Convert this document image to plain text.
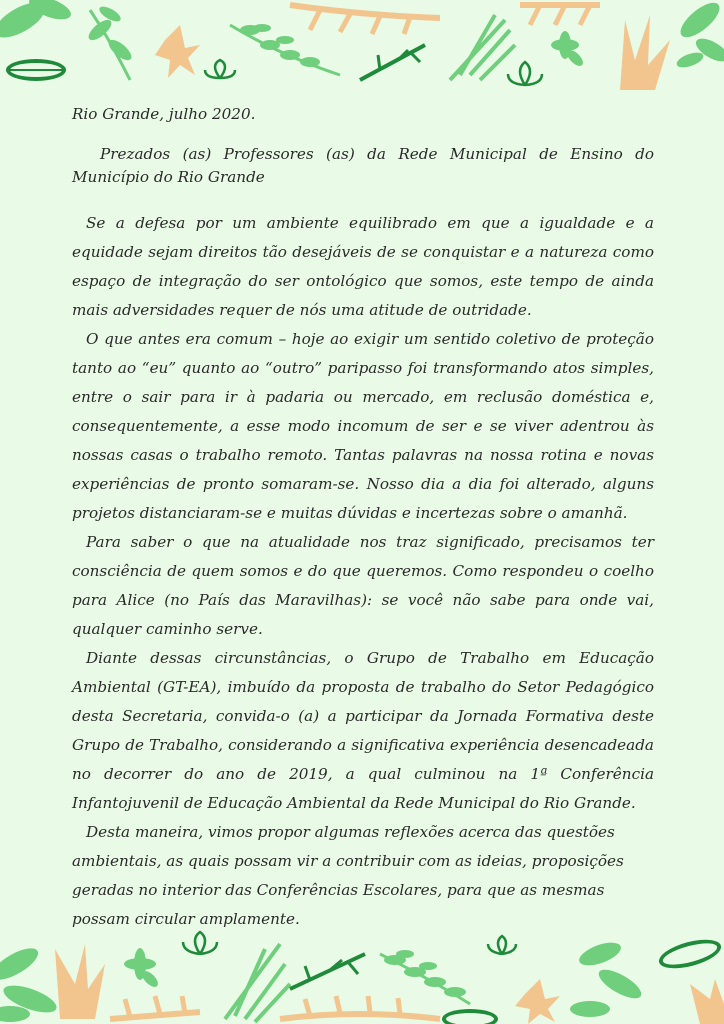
Rio Grande, julho 2020.

Prezados (as) Professores (as) da Rede Municipal de Ensino do Município do Rio Grande

Se a defesa por um ambiente equilibrado em que a igualdade e a equidade sejam direitos tão desejáveis de se conquistar e a natureza como espaço de integração do ser ontológico que somos, este tempo de ainda mais adversidades requer de nós uma atitude de outridade.

O que antes era comum – hoje ao exigir um sentido coletivo de proteção tanto ao “eu” quanto ao “outro” paripasso foi transformando atos simples, entre o sair para ir à padaria ou mercado, em reclusão doméstica e, consequentemente, a esse modo incomum de ser e se viver adentrou às nossas casas o trabalho remoto. Tantas palavras na nossa rotina e novas experiências de pronto somaram-se. Nosso dia a dia foi alterado, alguns projetos distanciaram-se e muitas dúvidas e incertezas sobre o amanhã.

Para saber o que na atualidade nos traz significado, precisamos ter consciência de quem somos e do que queremos. Como respondeu o coelho para Alice (no País das Maravilhas): se você não sabe para onde vai, qualquer caminho serve.

Diante dessas circunstâncias, o Grupo de Trabalho em Educação Ambiental (GT-EA), imbuído da proposta de trabalho do Setor Pedagógico desta Secretaria, convida-o (a) a participar da Jornada Formativa deste Grupo de Trabalho, considerando a significativa experiência desencadeada no decorrer do ano de 2019, a qual culminou na 1ª Conferência Infantojuvenil de Educação Ambiental da Rede Municipal do Rio Grande.

Desta maneira, vimos propor algumas reflexões acerca das questões ambientais, as quais possam vir a contribuir com as ideias, proposições geradas no interior das Conferências Escolares, para que as mesmas possam circular amplamente.
